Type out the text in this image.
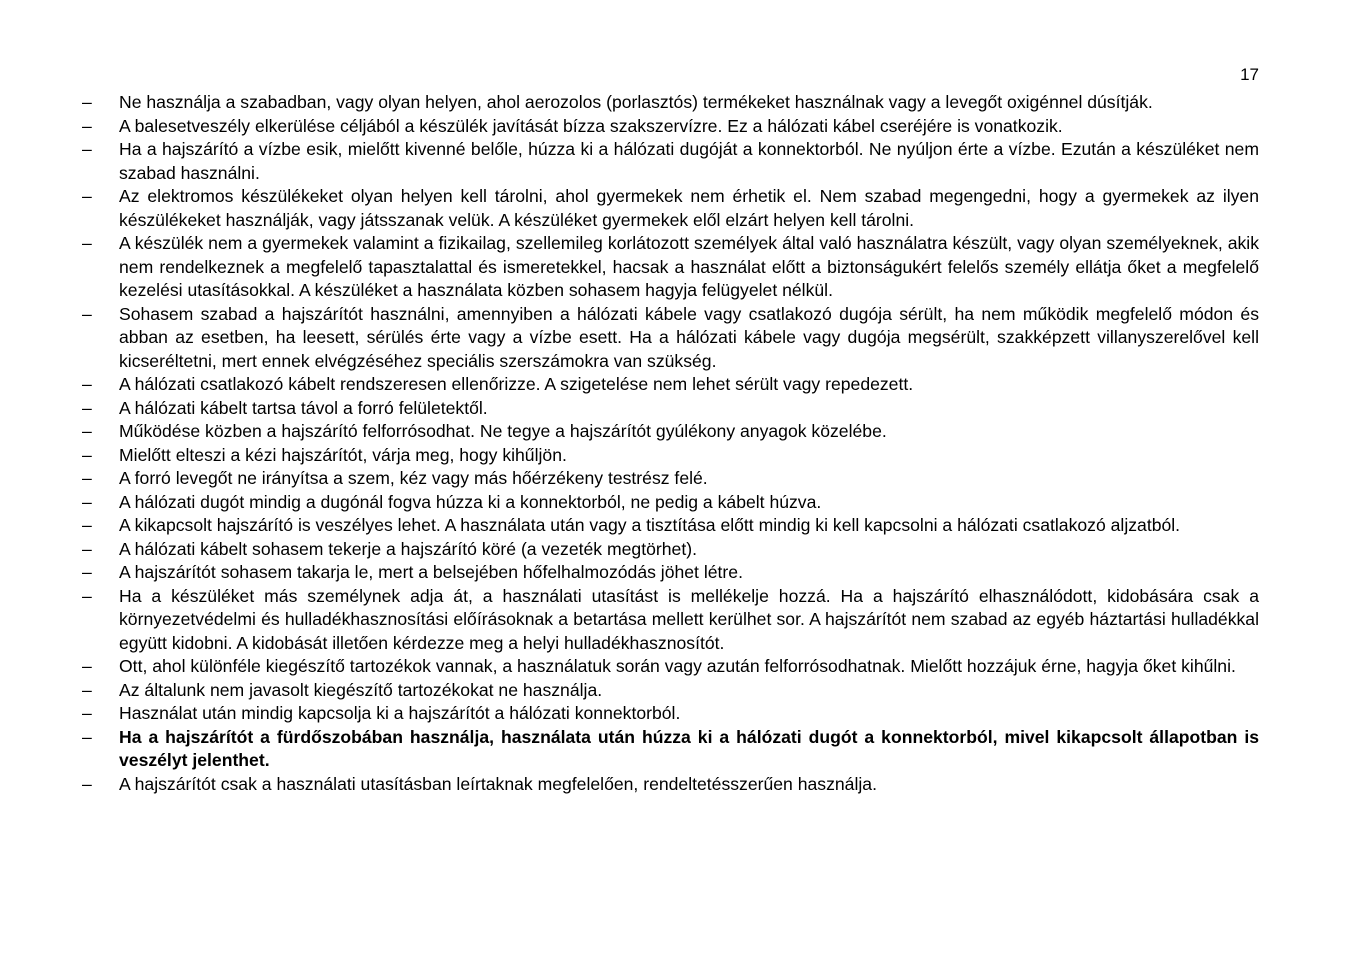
17
–	Ne használja a szabadban, vagy olyan helyen, ahol aerozolos (porlasztós) termékeket használnak vagy a levegőt oxigénnel dúsítják.
–	A balesetveszély elkerülése céljából a készülék javítását bízza szakszervízre. Ez a hálózati kábel cseréjére is vonatkozik.
–	Ha a hajszárító a vízbe esik, mielőtt kivenné belőle, húzza ki a hálózati dugóját a konnektorból. Ne nyúljon érte a vízbe. Ezután a készüléket nem szabad használni.
–	Az elektromos készülékeket olyan helyen kell tárolni, ahol gyermekek nem érhetik el. Nem szabad megengedni, hogy a gyermekek az ilyen készülékeket használják, vagy játsszanak velük. A készüléket gyermekek elől elzárt helyen kell tárolni.
–	A készülék nem a gyermekek valamint a fizikailag, szellemileg korlátozott személyek által való használatra készült, vagy olyan személyeknek, akik nem rendelkeznek a megfelelő tapasztalattal és ismeretekkel, hacsak a használat előtt a biztonságukért felelős személy ellátja őket a megfelelő kezelési utasításokkal. A készüléket a használata közben sohasem hagyja felügyelet nélkül.
–	Sohasem szabad a hajszárítót használni, amennyiben a hálózati kábele vagy csatlakozó dugója sérült, ha nem működik megfelelő módon és abban az esetben, ha leesett, sérülés érte vagy a vízbe esett. Ha a hálózati kábele vagy dugója megsérült, szakképzett villanyszerelővel kell kicseréltetni, mert ennek elvégzéséhez speciális szerszámokra van szükség.
–	A hálózati csatlakozó kábelt rendszeresen ellenőrizze. A szigetelése nem lehet sérült vagy repedezett.
–	A hálózati kábelt tartsa távol a forró felületektől.
–	Működése közben a hajszárító felforrósodhat. Ne tegye a hajszárítót gyúlékony anyagok közelébe.
–	Mielőtt elteszi a kézi hajszárítót, várja meg, hogy kihűljön.
–	A forró levegőt ne irányítsa a szem, kéz vagy más hőérzékeny testrész felé.
–	A hálózati dugót mindig a dugónál fogva húzza ki a konnektorból, ne pedig a kábelt húzva.
–	A kikapcsolt hajszárító is veszélyes lehet. A használata után vagy a tisztítása előtt mindig ki kell kapcsolni a hálózati csatlakozó aljzatból.
–	A hálózati kábelt sohasem tekerje a hajszárító köré (a vezeték megtörhet).
–	A hajszárítót sohasem takarja le, mert a belsejében hőfelhalmozódás jöhet létre.
–	Ha a készüléket más személynek adja át, a használati utasítást is mellékelje hozzá. Ha a hajszárító elhasználódott, kidobására csak a környezetvédelmi és hulladékhasznosítási előírásoknak a betartása mellett kerülhet sor. A hajszárítót nem szabad az egyéb háztartási hulladékkal együtt kidobni. A kidobását illetően kérdezze meg a helyi hulladékhasznosítót.
–	Ott, ahol különféle kiegészítő tartozékok vannak, a használatuk során vagy azután felforrósodhatnak. Mielőtt hozzájuk érne, hagyja őket kihűlni.
–	Az általunk nem javasolt kiegészítő tartozékokat ne használja.
–	Használat után mindig kapcsolja ki a hajszárítót a hálózati konnektorból.
–	Ha a hajszárítót a fürdőszobában használja, használata után húzza ki a hálózati dugót a konnektorból, mivel kikapcsolt állapotban is veszélyt jelenthet.
–	A hajszárítót csak a használati utasításban leírtaknak megfelelően, rendeltetésszerűen használja.
